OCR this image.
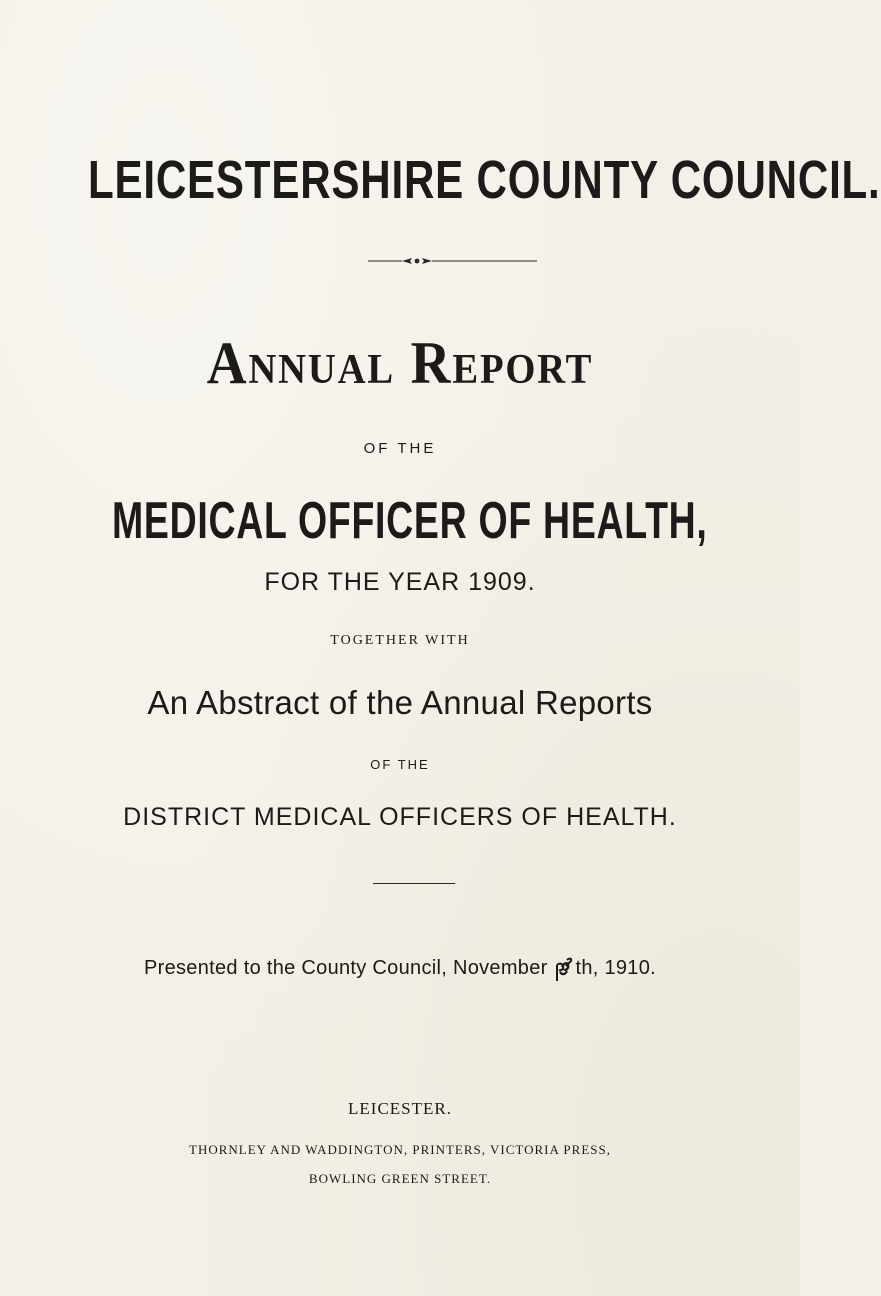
LEICESTERSHIRE COUNTY COUNCIL.
Annual Report
OF THE
MEDICAL OFFICER OF HEALTH,
FOR THE YEAR 1909.
TOGETHER WITH
An Abstract of the Annual Reports
OF THE
DISTRICT MEDICAL OFFICERS OF HEALTH.
Presented to the County Council, November th, 1910.
LEICESTER.
THORNLEY AND WADDINGTON, PRINTERS, VICTORIA PRESS,
BOWLING GREEN STREET.
